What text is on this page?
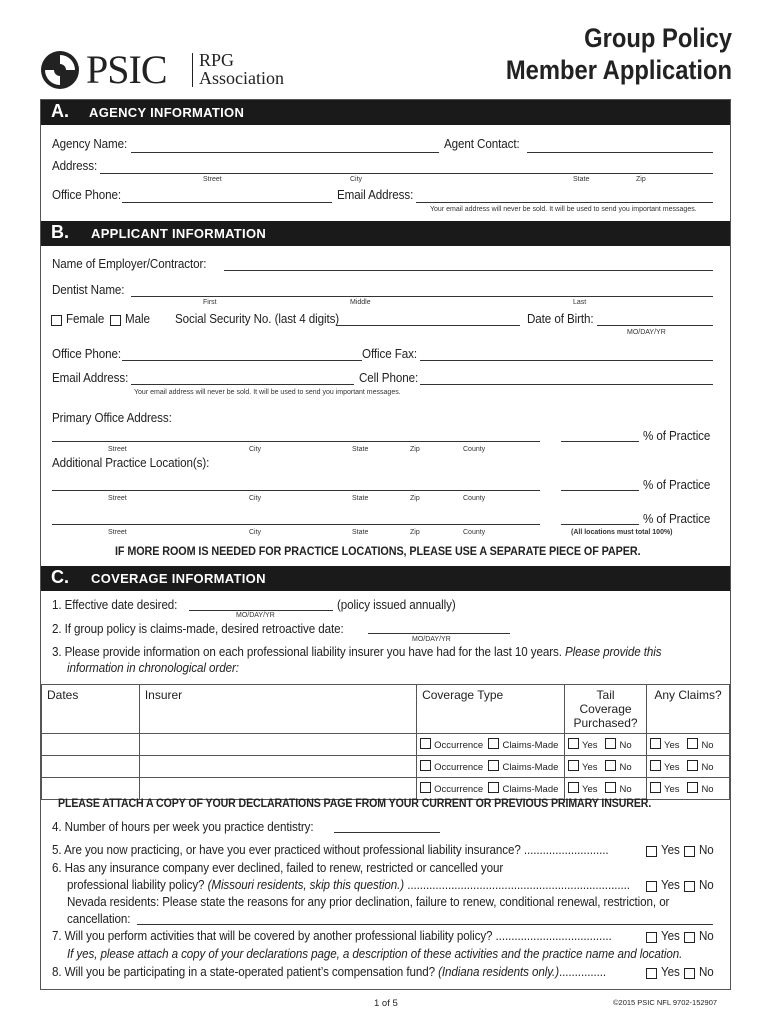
PSIC RPG
Association
Group Policy
Member Application
A. AGENCY INFORMATION
Agency Name:	Agent Contact:
Address:
Street	City	State	Zip
Office Phone:	Email Address:
Your email address will never be sold. It will be used to send you important messages.
B. APPLICANT INFORMATION
Name of Employer/Contractor:
Dentist Name:
First	Middle	Last
Female Male Social Security No. (last 4 digits)	Date of Birth:
MO/DAY/YR
Office Phone:	Office Fax:
Email Address:	Cell Phone:
Your email address will never be sold. It will be used to send you important messages.
Primary Office Address:
% of Practice
Street	City	State	Zip	County
Additional Practice Location(s):
% of Practice
Street	City	State	Zip	County
% of Practice
Street	City	State	Zip	County	(All locations must total 100%)
IF MORE ROOM IS NEEDED FOR PRACTICE LOCATIONS, PLEASE USE A SEPARATE PIECE OF PAPER.
C. COVERAGE INFORMATION
1. Effective date desired:	(policy issued annually)
MO/DAY/YR
2. If group policy is claims-made, desired retroactive date:
MO/DAY/YR
3. Please provide information on each professional liability insurer you have had for the last 10 years. Please provide this
information in chronological order:
Dates	Insurer	Coverage Type	Tail Coverage Purchased?	Any Claims?
		Occurrence Claims-Made	Yes No	Yes No
		Occurrence Claims-Made	Yes No	Yes No
		Occurrence Claims-Made	Yes No	Yes No
PLEASE ATTACH A COPY OF YOUR DECLARATIONS PAGE FROM YOUR CURRENT OR PREVIOUS PRIMARY INSURER.
4. Number of hours per week you practice dentistry:
5. Are you now practicing, or have you ever practiced without professional liability insurance? ...........................	Yes No
6. Has any insurance company ever declined, failed to renew, restricted or cancelled your
professional liability policy? (Missouri residents, skip this question.) ....................................................................... Yes No
Nevada residents: Please state the reasons for any prior declination, failure to renew, conditional renewal, restriction, or
cancellation:
7. Will you perform activities that will be covered by another professional liability policy? .....................................	Yes No
If yes, please attach a copy of your declarations page, a description of these activities and the practice name and location.
8. Will you be participating in a state-operated patient’s compensation fund? (Indiana residents only.)...............	Yes No
1 of 5	©2015 PSIC NFL 9702-152907
